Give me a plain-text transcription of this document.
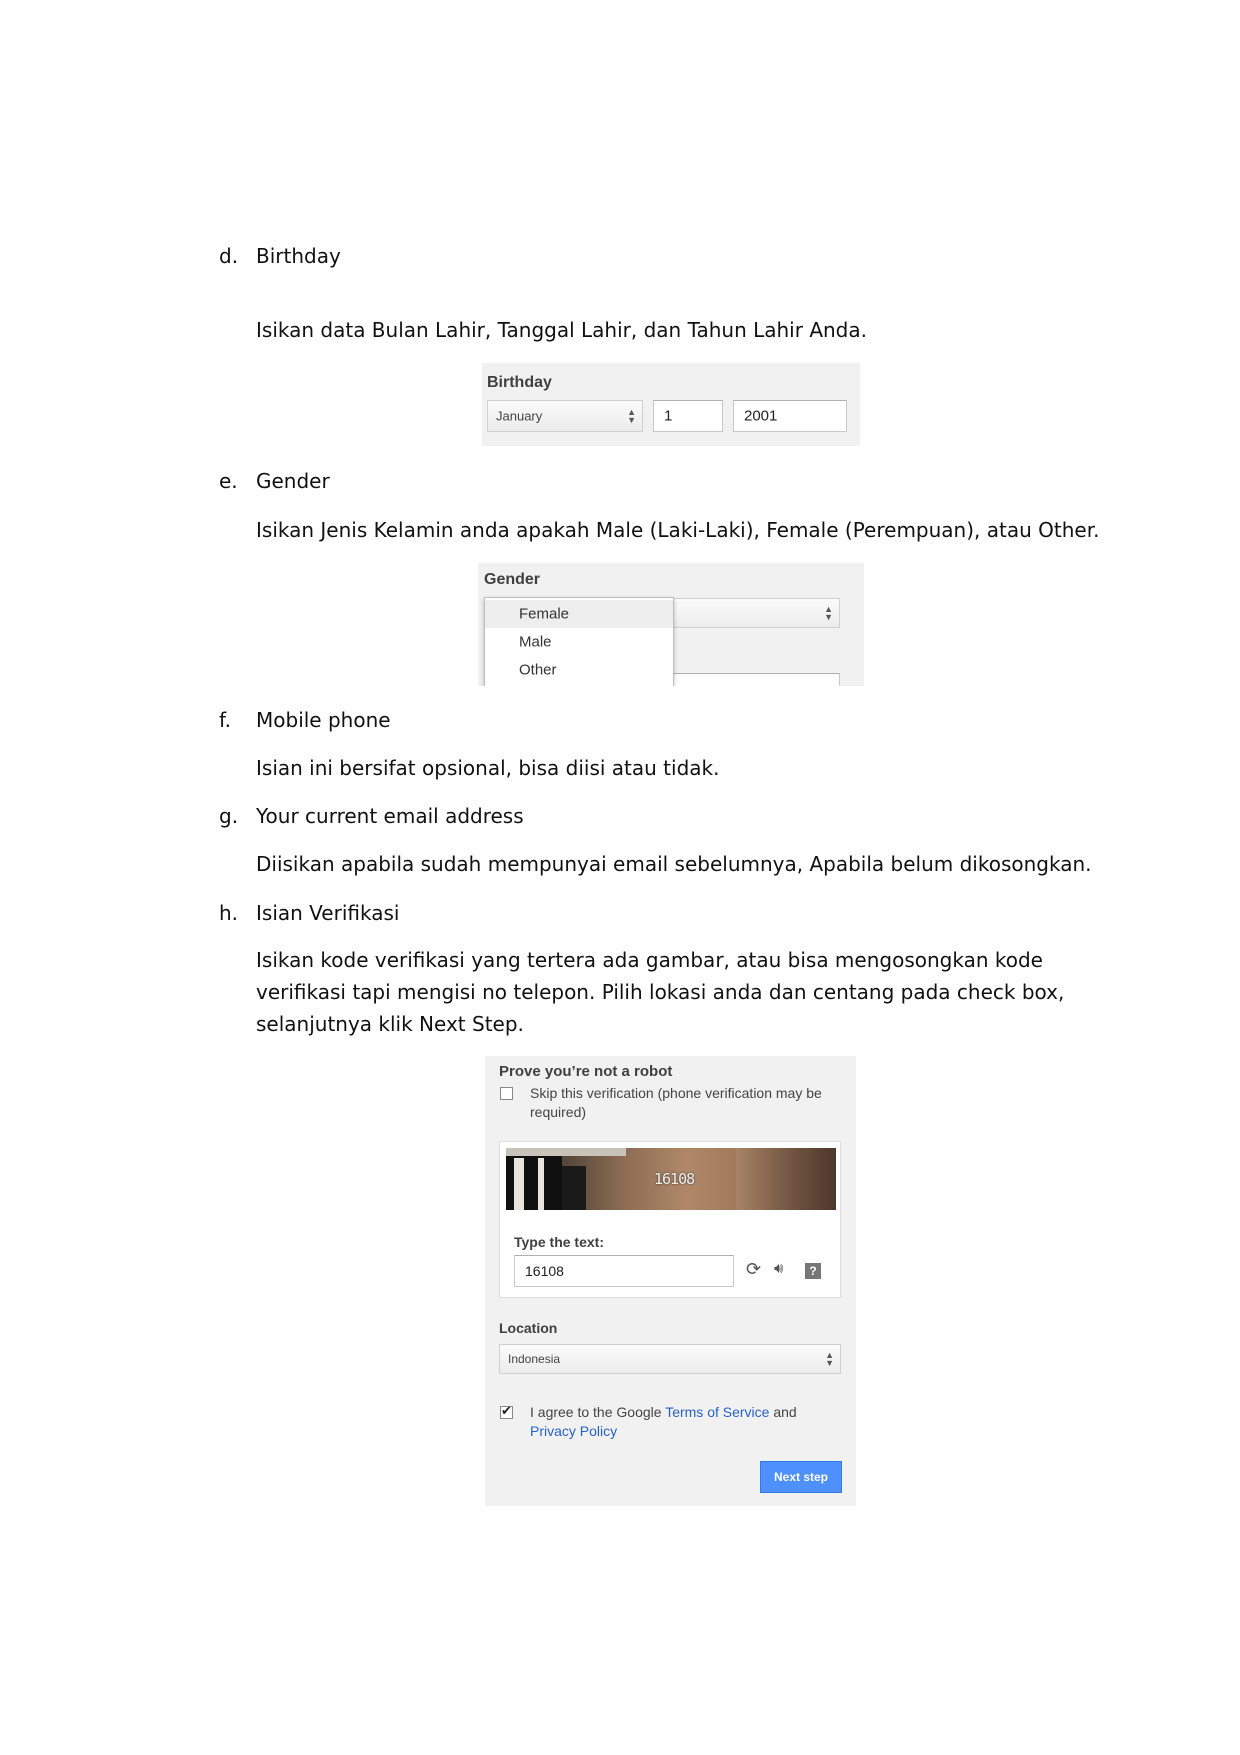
d. Birthday
Isikan data Bulan Lahir, Tanggal Lahir, dan Tahun Lahir Anda.
Birthday
January	▲
▼ 1	2001
e. Gender
Isikan Jenis Kelamin anda apakah Male (Laki-Laki), Female (Perempuan), atau Other.
Gender
▲
▼
Female
Male
Other
f. Mobile phone
Isian ini bersifat opsional, bisa diisi atau tidak.
g. Your current email address
Diisikan apabila sudah mempunyai email sebelumnya, Apabila belum dikosongkan.
h. Isian Verifikasi
Isikan kode verifikasi yang tertera ada gambar, atau bisa mengosongkan kode
verifikasi tapi mengisi no telepon. Pilih lokasi anda dan centang pada check box,
selanjutnya klik Next Step.
Prove you’re not a robot
Skip this verification (phone verification may be
required)
16108
Type the text:
16108	⟳ 🔊︎	?
Location
Indonesia	▲
▼
✔ I agree to the Google Terms of Service and
Privacy Policy
Next step
